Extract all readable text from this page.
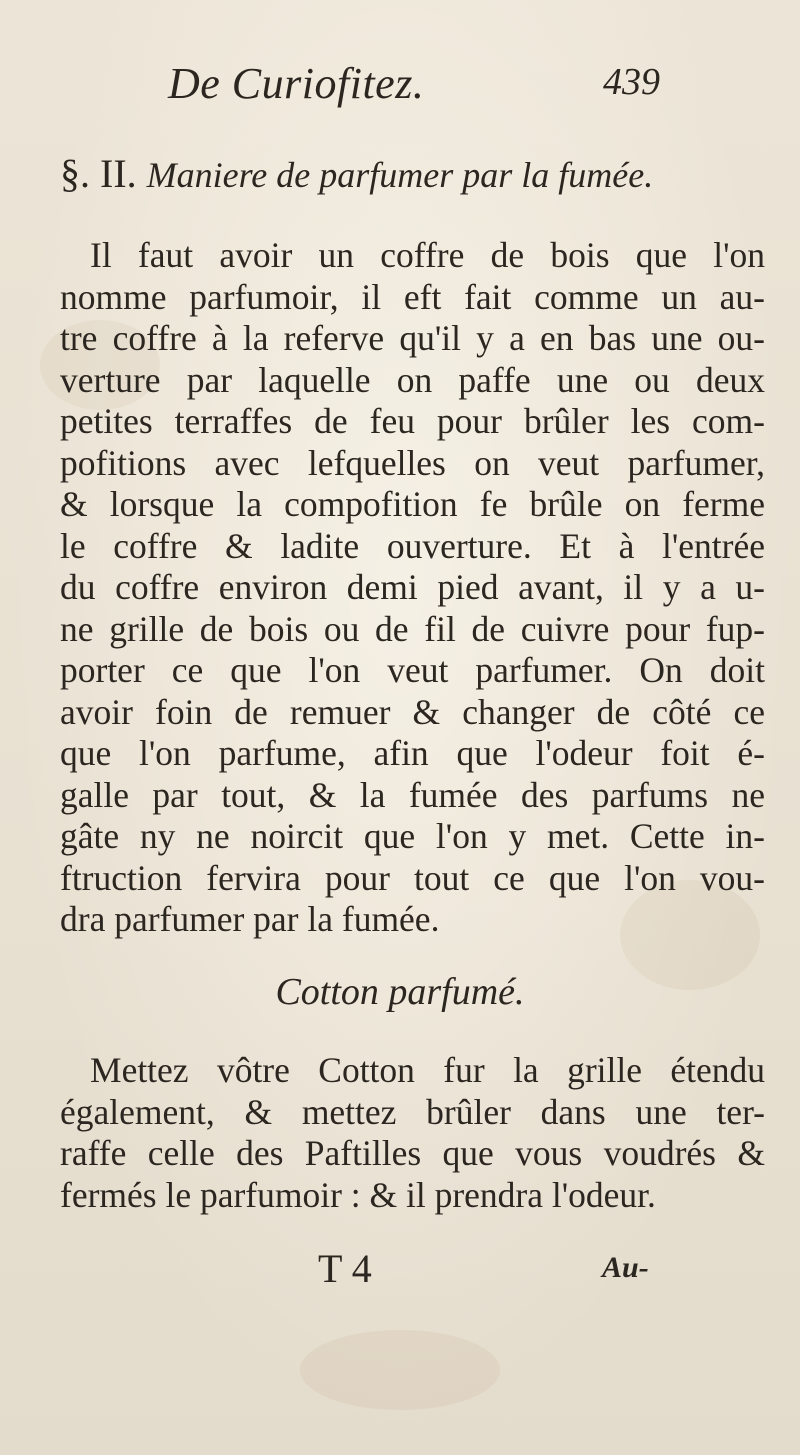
De Curiofitez.	439
§. II. Maniere de parfumer par la fumée.
Il faut avoir un coffre de bois que l'on
nomme parfumoir, il eft fait comme un au-
tre coffre à la referve qu'il y a en bas une ou-
verture par laquelle on paffe une ou deux
petites terraffes de feu pour brûler les com-
pofitions avec lefquelles on veut parfumer,
& lorsque la compofition fe brûle on ferme
le coffre & ladite ouverture. Et à l'entrée
du coffre environ demi pied avant, il y a u-
ne grille de bois ou de fil de cuivre pour fup-
porter ce que l'on veut parfumer. On doit
avoir foin de remuer & changer de côté ce
que l'on parfume, afin que l'odeur foit é-
galle par tout, & la fumée des parfums ne
gâte ny ne noircit que l'on y met. Cette in-
ftruction fervira pour tout ce que l'on vou-
dra parfumer par la fumée.
Cotton parfumé.
Mettez vôtre Cotton fur la grille étendu
également, & mettez brûler dans une ter-
raffe celle des Paftilles que vous voudrés &
fermés le parfumoir : & il prendra l'odeur.
T 4	Au-
